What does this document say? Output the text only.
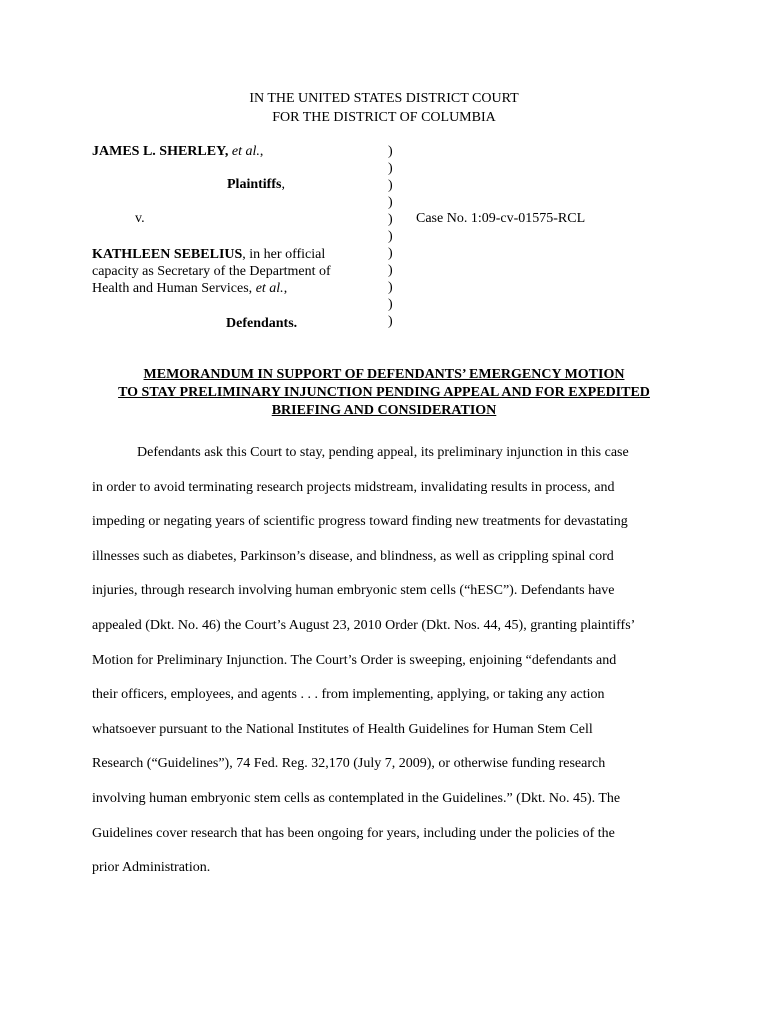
IN THE UNITED STATES DISTRICT COURT
FOR THE DISTRICT OF COLUMBIA
JAMES L. SHERLEY, et al.,
Plaintiffs,
v.
KATHLEEN SEBELIUS, in her official
capacity as Secretary of the Department of
Health and Human Services, et al.,
Defendants.
)
)
)
)
)
)
)
)
)
)
)
Case No. 1:09-cv-01575-RCL
MEMORANDUM IN SUPPORT OF DEFENDANTS’ EMERGENCY MOTION
TO STAY PRELIMINARY INJUNCTION PENDING APPEAL AND FOR EXPEDITED
BRIEFING AND CONSIDERATION
Defendants ask this Court to stay, pending appeal, its preliminary injunction in this case
in order to avoid terminating research projects midstream, invalidating results in process, and
impeding or negating years of scientific progress toward finding new treatments for devastating
illnesses such as diabetes, Parkinson’s disease, and blindness, as well as crippling spinal cord
injuries, through research involving human embryonic stem cells (“hESC”). Defendants have
appealed (Dkt. No. 46) the Court’s August 23, 2010 Order (Dkt. Nos. 44, 45), granting plaintiffs’
Motion for Preliminary Injunction. The Court’s Order is sweeping, enjoining “defendants and
their officers, employees, and agents . . . from implementing, applying, or taking any action
whatsoever pursuant to the National Institutes of Health Guidelines for Human Stem Cell
Research (“Guidelines”), 74 Fed. Reg. 32,170 (July 7, 2009), or otherwise funding research
involving human embryonic stem cells as contemplated in the Guidelines.” (Dkt. No. 45). The
Guidelines cover research that has been ongoing for years, including under the policies of the
prior Administration.
